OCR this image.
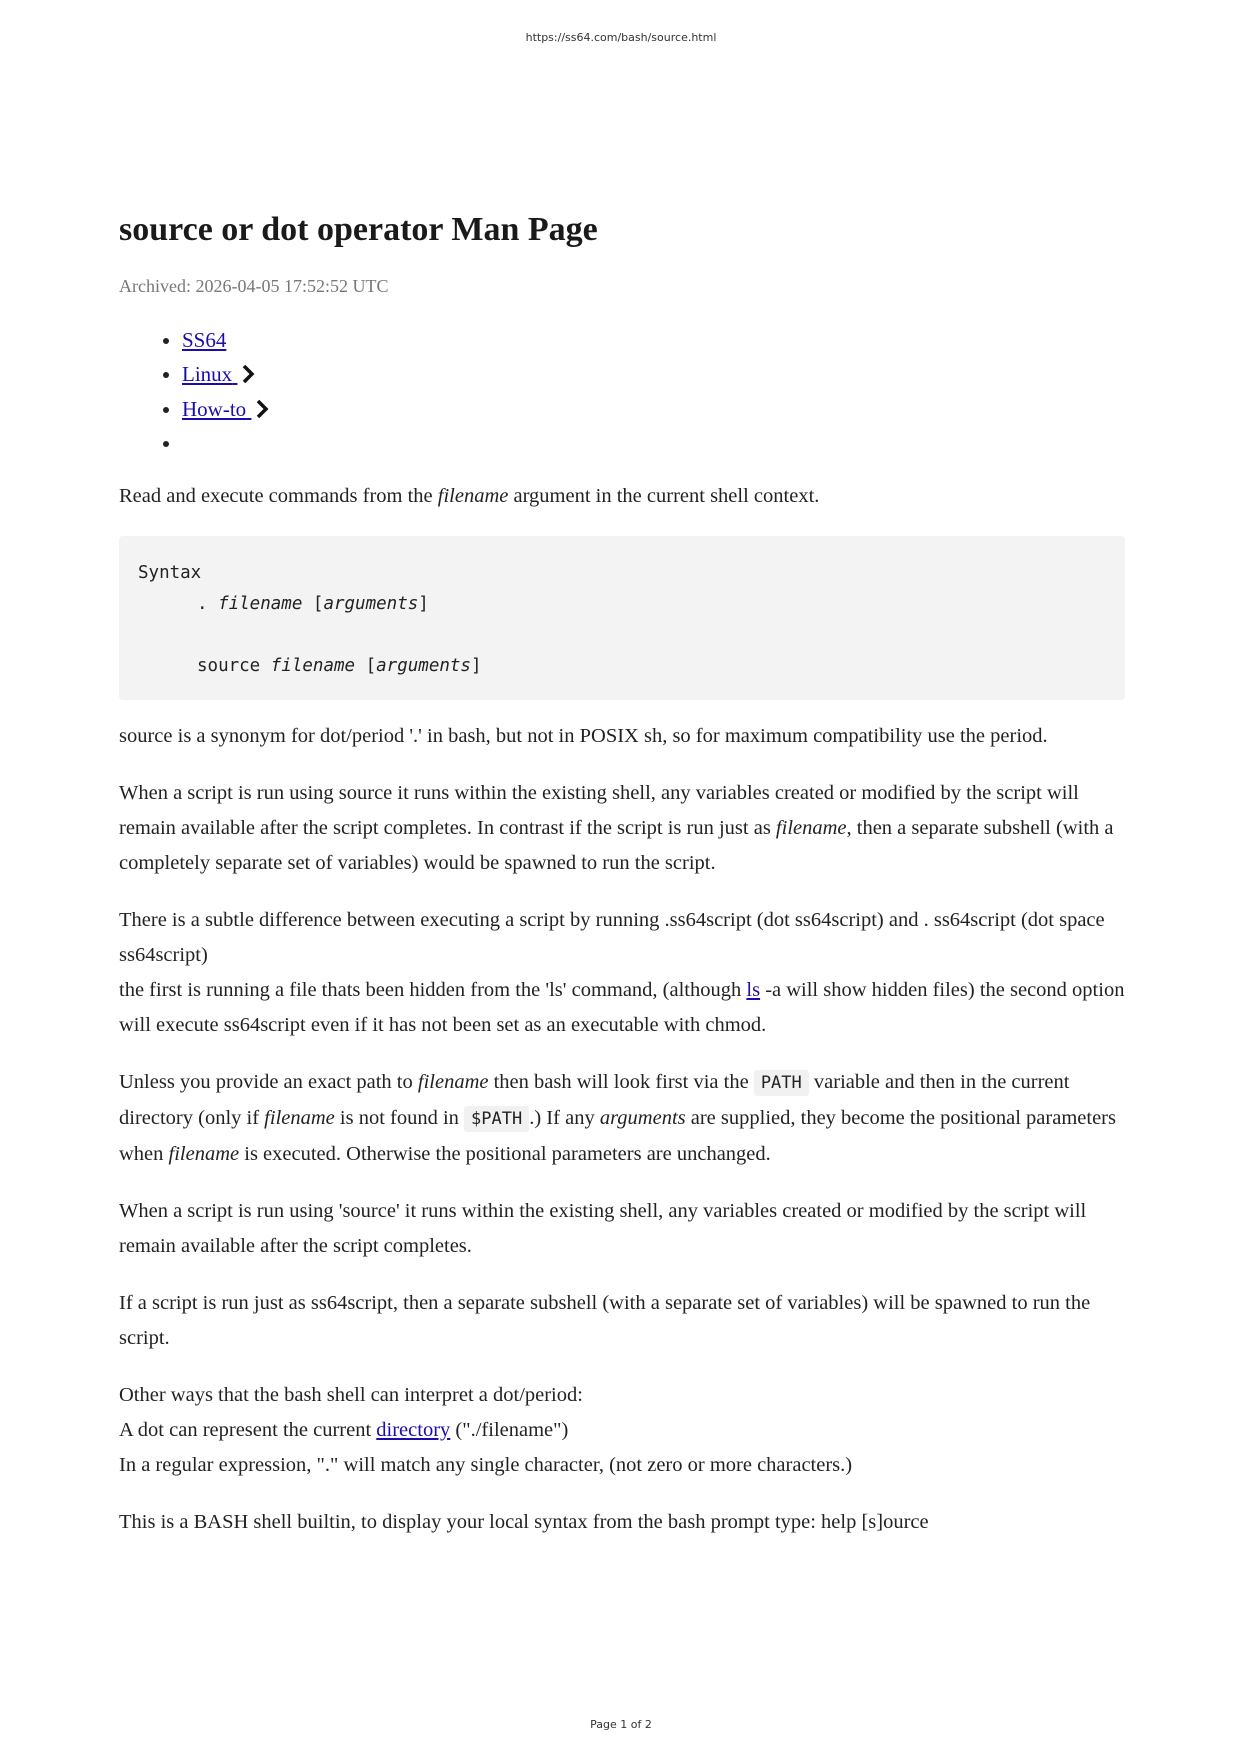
https://ss64.com/bash/source.html
source or dot operator Man Page
Archived: 2026-04-05 17:52:52 UTC
• SS64
• Linux
• How-to
•

Read and execute commands from the filename argument in the current shell context.

Syntax
. filename [arguments]
source filename [arguments]

source is a synonym for dot/period '.' in bash, but not in POSIX sh, so for maximum compatibility use the period.

When a script is run using source it runs within the existing shell, any variables created or modified by the script will remain available after the script completes. In contrast if the script is run just as filename, then a separate subshell (with a completely separate set of variables) would be spawned to run the script.

There is a subtle difference between executing a script by running .ss64script (dot ss64script) and . ss64script (dot space ss64script)
the first is running a file thats been hidden from the 'ls' command, (although ls -a will show hidden files) the second option will execute ss64script even if it has not been set as an executable with chmod.

Unless you provide an exact path to filename then bash will look first via the PATH variable and then in the current directory (only if filename is not found in $PATH .) If any arguments are supplied, they become the positional parameters when filename is executed. Otherwise the positional parameters are unchanged.

When a script is run using 'source' it runs within the existing shell, any variables created or modified by the script will remain available after the script completes.

If a script is run just as ss64script, then a separate subshell (with a separate set of variables) will be spawned to run the script.

Other ways that the bash shell can interpret a dot/period:
A dot can represent the current directory ("./filename")
In a regular expression, "." will match any single character, (not zero or more characters.)

This is a BASH shell builtin, to display your local syntax from the bash prompt type: help [s]ource

Page 1 of 2
